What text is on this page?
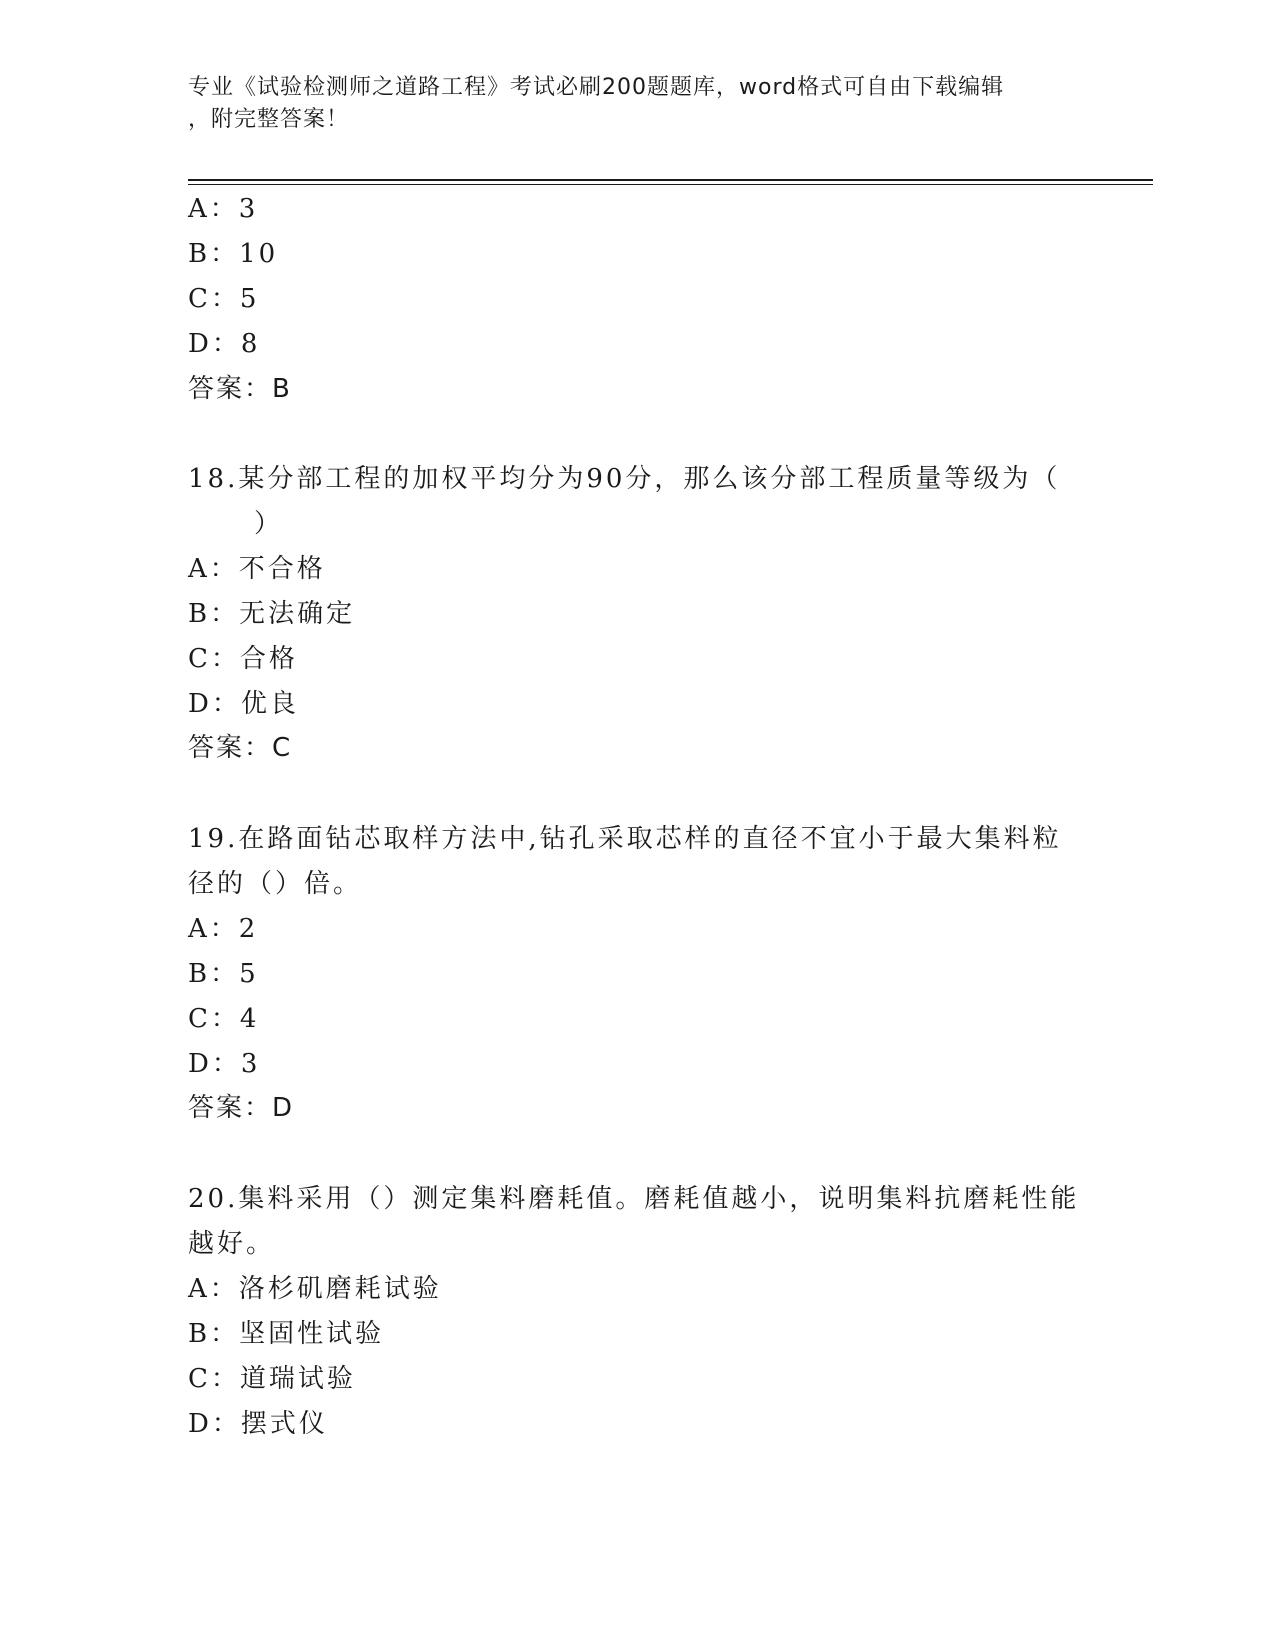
专业《试验检测师之道路工程》考试必刷200题题库，word格式可自由下载编辑
，附完整答案！
A：3
B：10
C：5
D：8
答案：B
18.某分部工程的加权平均分为90分，那么该分部工程质量等级为（
）
A：不合格
B：无法确定
C：合格
D：优良
答案：C
19.在路面钻芯取样方法中,钻孔采取芯样的直径不宜小于最大集料粒
径的（）倍。
A：2
B：5
C：4
D：3
答案：D
20.集料采用（）测定集料磨耗值。磨耗值越小，说明集料抗磨耗性能
越好。
A：洛杉矶磨耗试验
B：坚固性试验
C：道瑞试验
D：摆式仪
